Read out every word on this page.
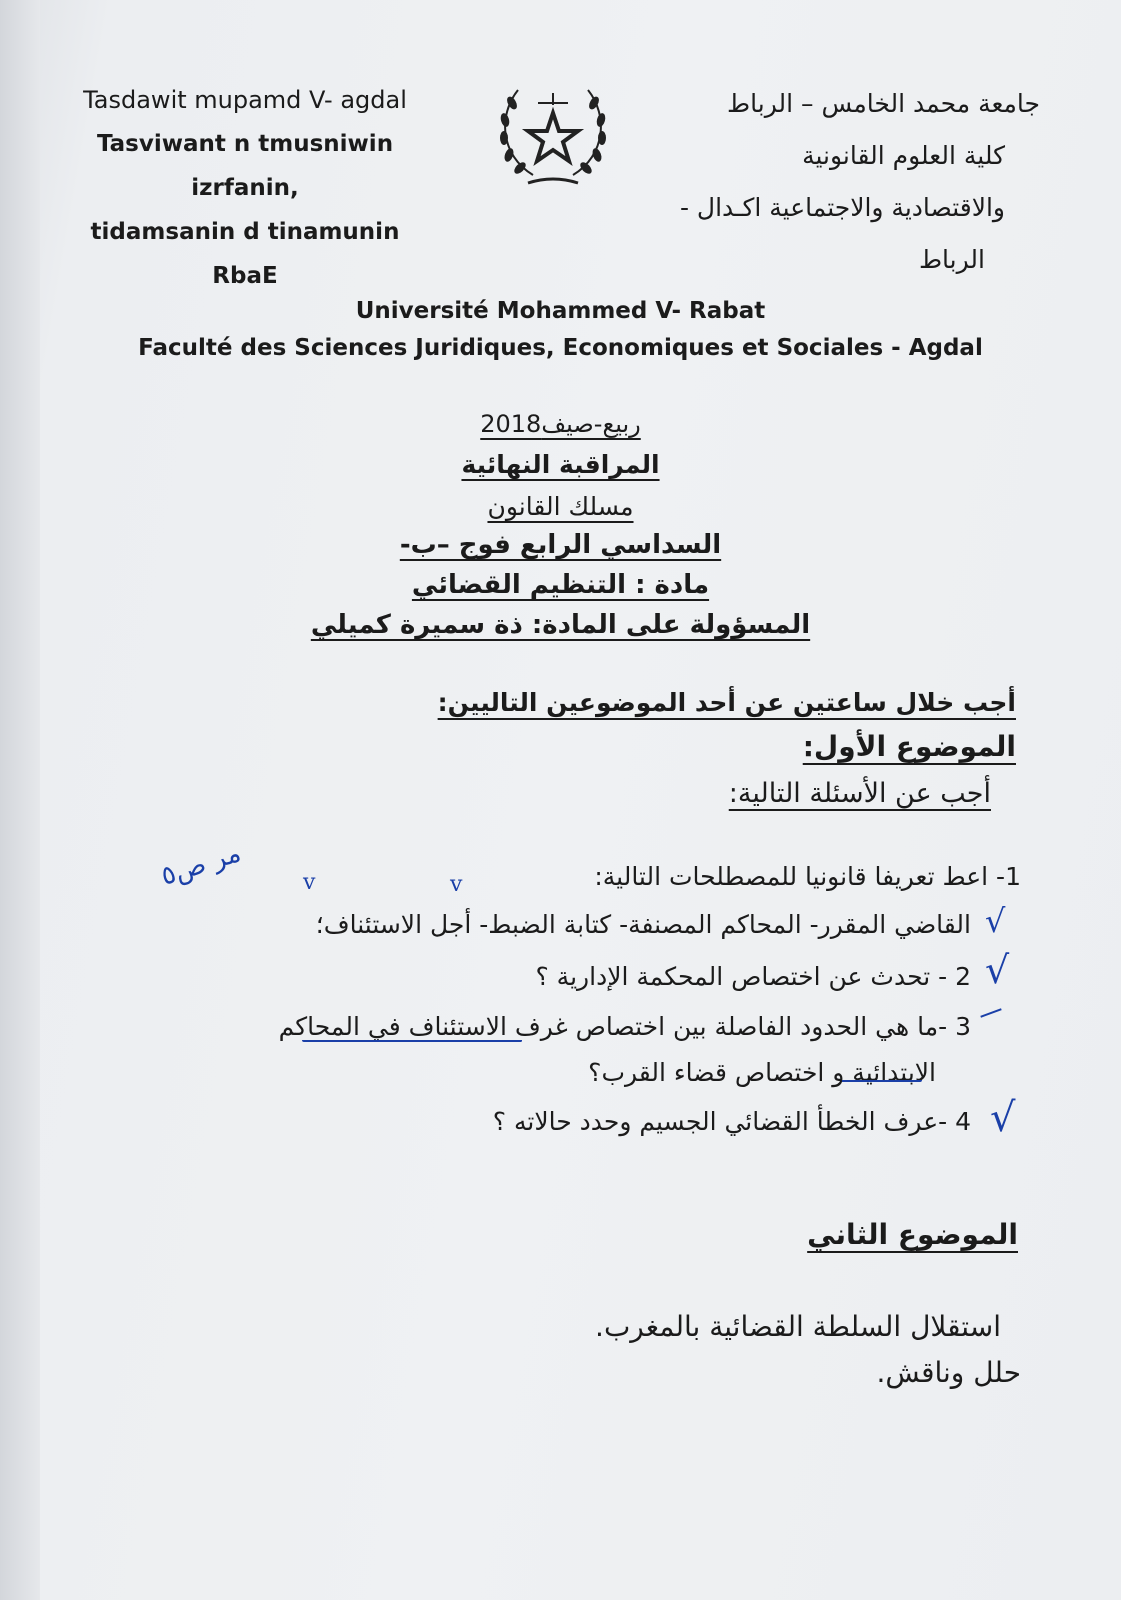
Tasdawit mupamd V- agdal
Tasviwant n tmusniwin
izrfanin,
tidamsanin d tinamunin
RbaE
جامعة محمد الخامس – الرباط
كلية العلوم القانونية
والاقتصادية والاجتماعية اكـدال -
الرباط
Université Mohammed V- Rabat
Faculté des Sciences Juridiques, Economiques et Sociales - Agdal
ربيع-صيف2018
المراقبة النهائية
مسلك القانون
السداسي الرابع فوج –ب-
مادة : التنظيم القضائي
المسؤولة على المادة: ذة سميرة كميلي
أجب خلال ساعتين عن أحد الموضوعين التاليين:
الموضوع الأول:
أجب عن الأسئلة التالية:
1- اعط تعريفا قانونيا للمصطلحات التالية:
القاضي المقرر- المحاكم المصنفة- كتابة الضبط- أجل الاستئناف؛
2 - تحدث عن اختصاص المحكمة الإدارية ؟
3 -ما هي الحدود الفاصلة بين اختصاص غرف الاستئناف في المحاكم
الابتدائية و اختصاص قضاء القرب؟
4 -عرف الخطأ القضائي الجسيم وحدد حالاته ؟
الموضوع الثاني
استقلال السلطة القضائية بالمغرب.
حلل وناقش.
مر ص٥	v	v
√
√
√
